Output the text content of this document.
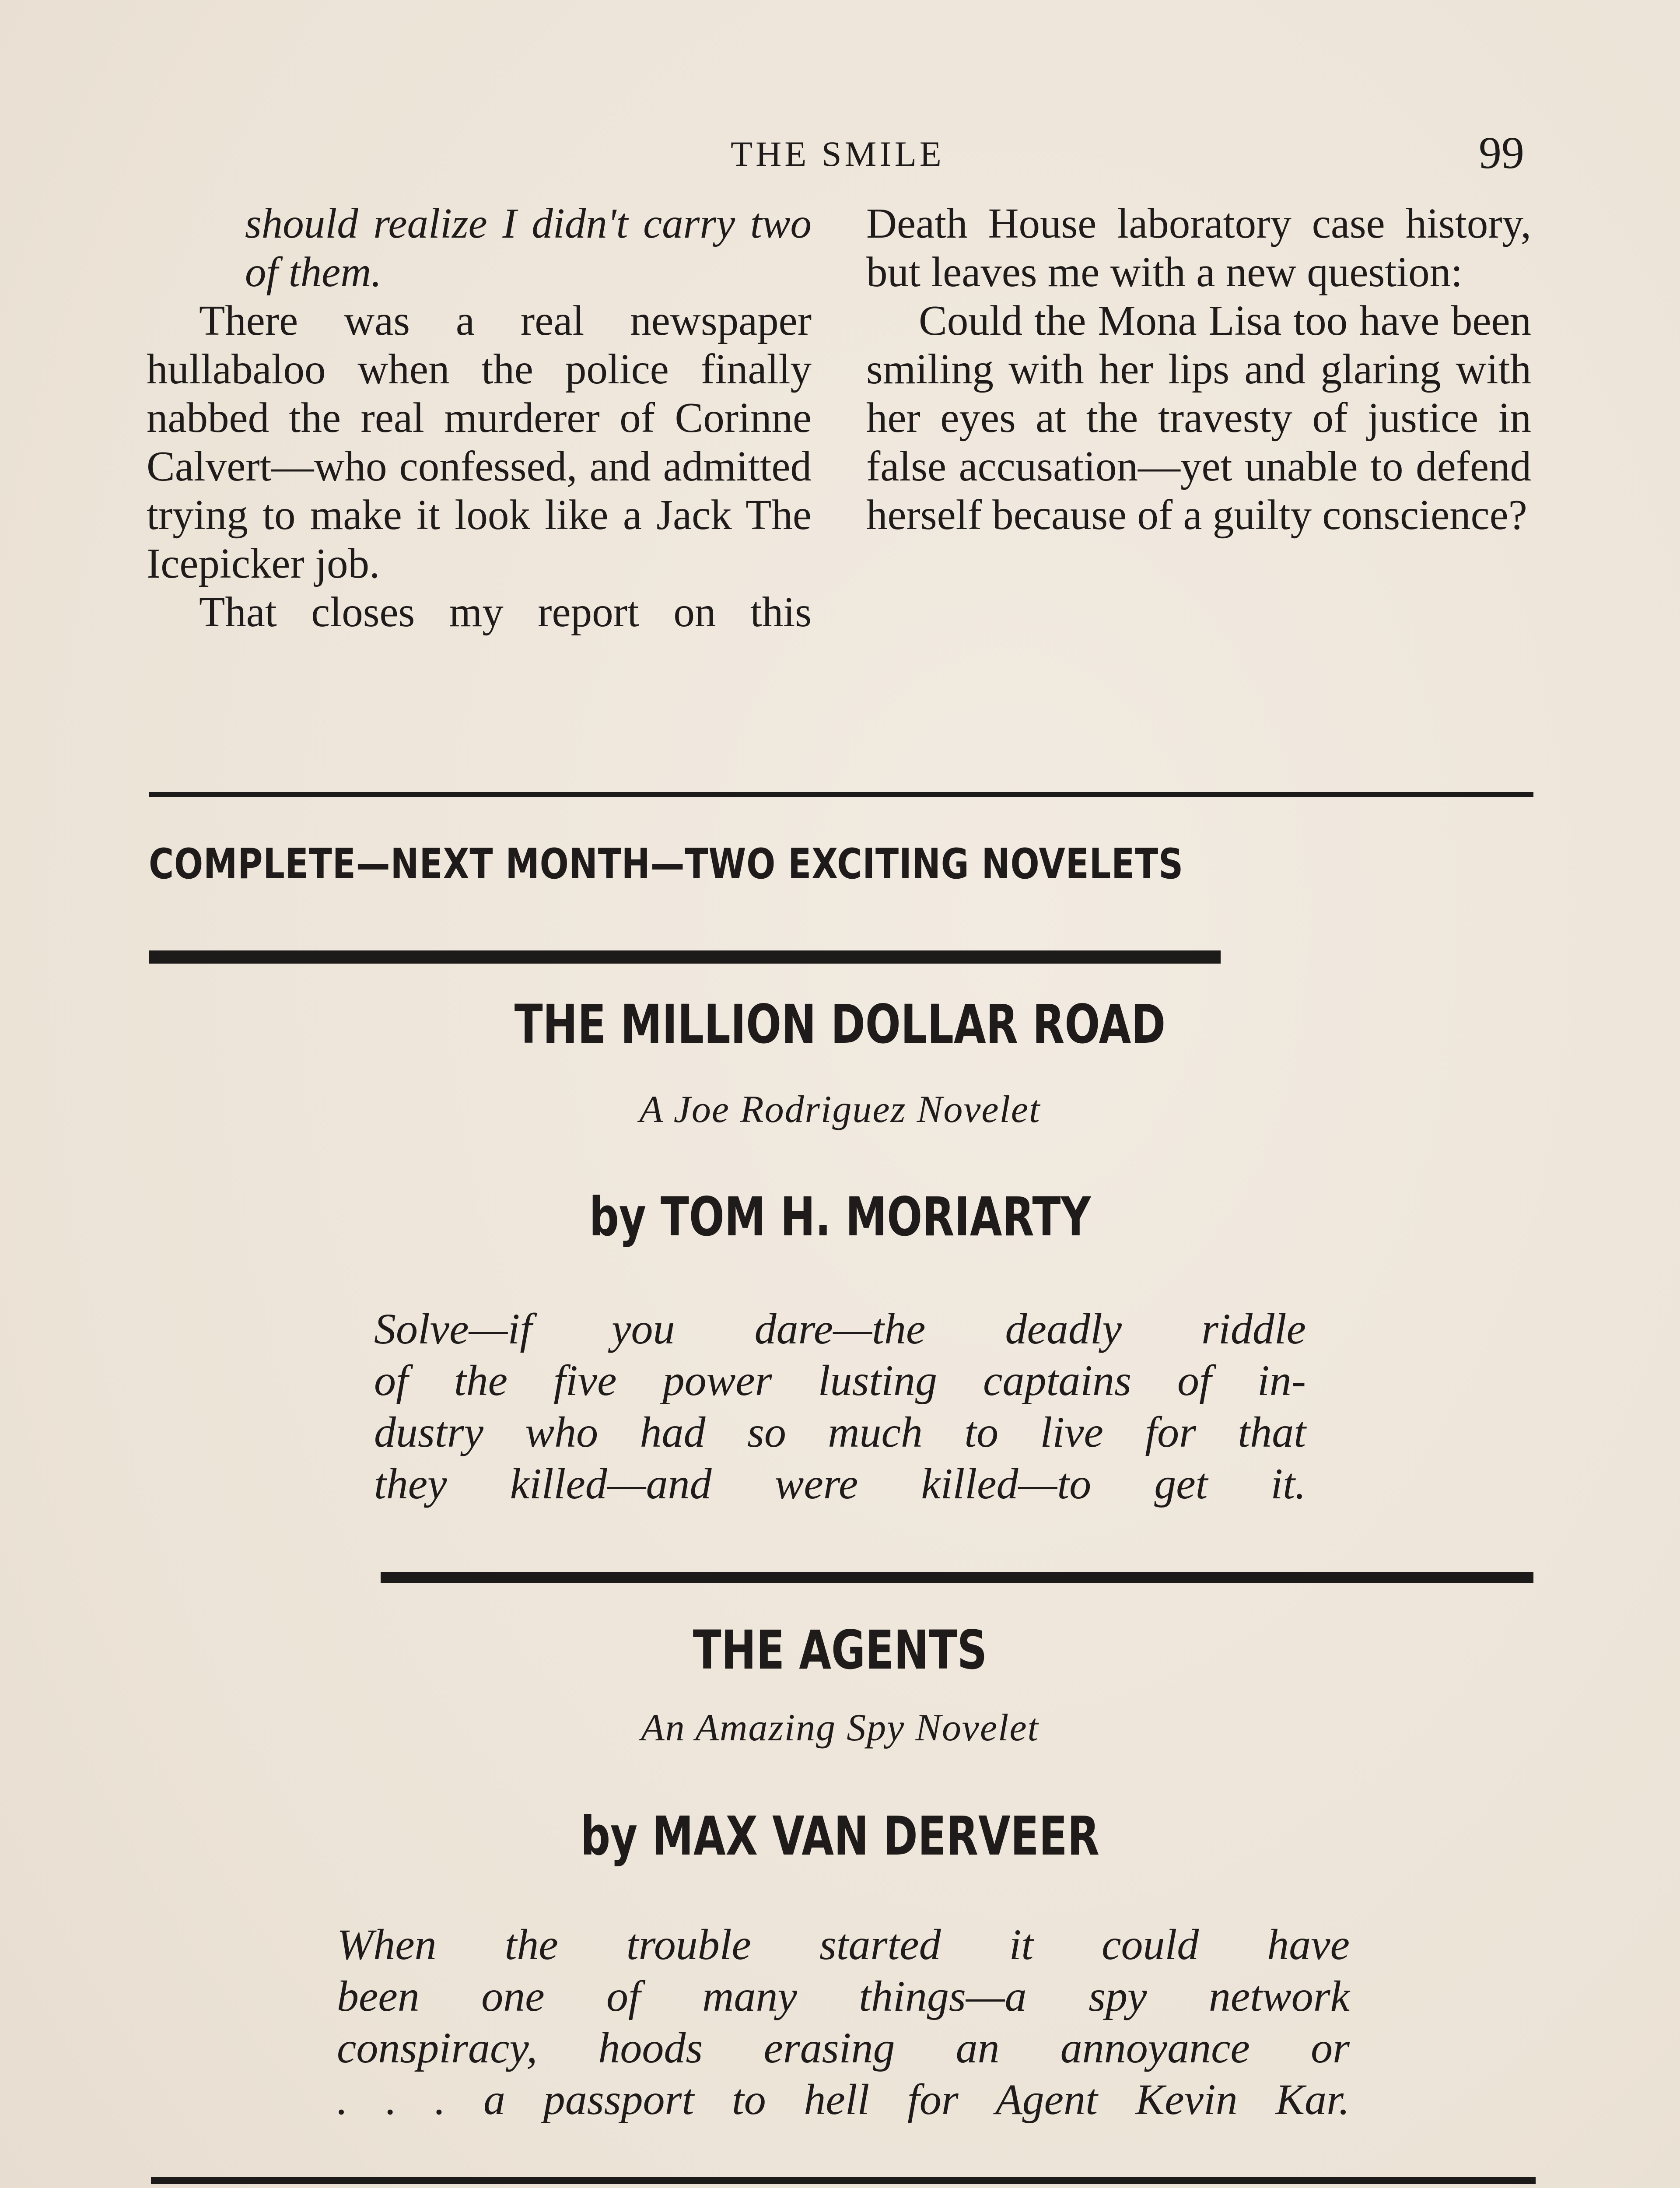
THE SMILE	99

should realize I didn't carry two of them.

There was a real newspaper hullabaloo when the police finally nabbed the real murderer of Corinne Calvert—who confessed, and admitted trying to make it look like a Jack The Icepicker job.

That closes my report on this

Death House laboratory case history, but leaves me with a new question:

Could the Mona Lisa too have been smiling with her lips and glaring with her eyes at the travesty of justice in false accusation—yet unable to defend herself because of a guilty conscience?

COMPLETE—NEXT MONTH—TWO EXCITING NOVELETS
THE MILLION DOLLAR ROAD
A Joe Rodriguez Novelet
by TOM H. MORIARTY

Solve—if you dare—the deadly riddle

of the five power lusting captains of in-

dustry who had so much to live for that

they killed—and were killed—to get it.

THE AGENTS
An Amazing Spy Novelet
by MAX VAN DERVEER

When the trouble started it could have

been one of many things—a spy network

conspiracy, hoods erasing an annoyance or

. . . a passport to hell for Agent Kevin Kar.
